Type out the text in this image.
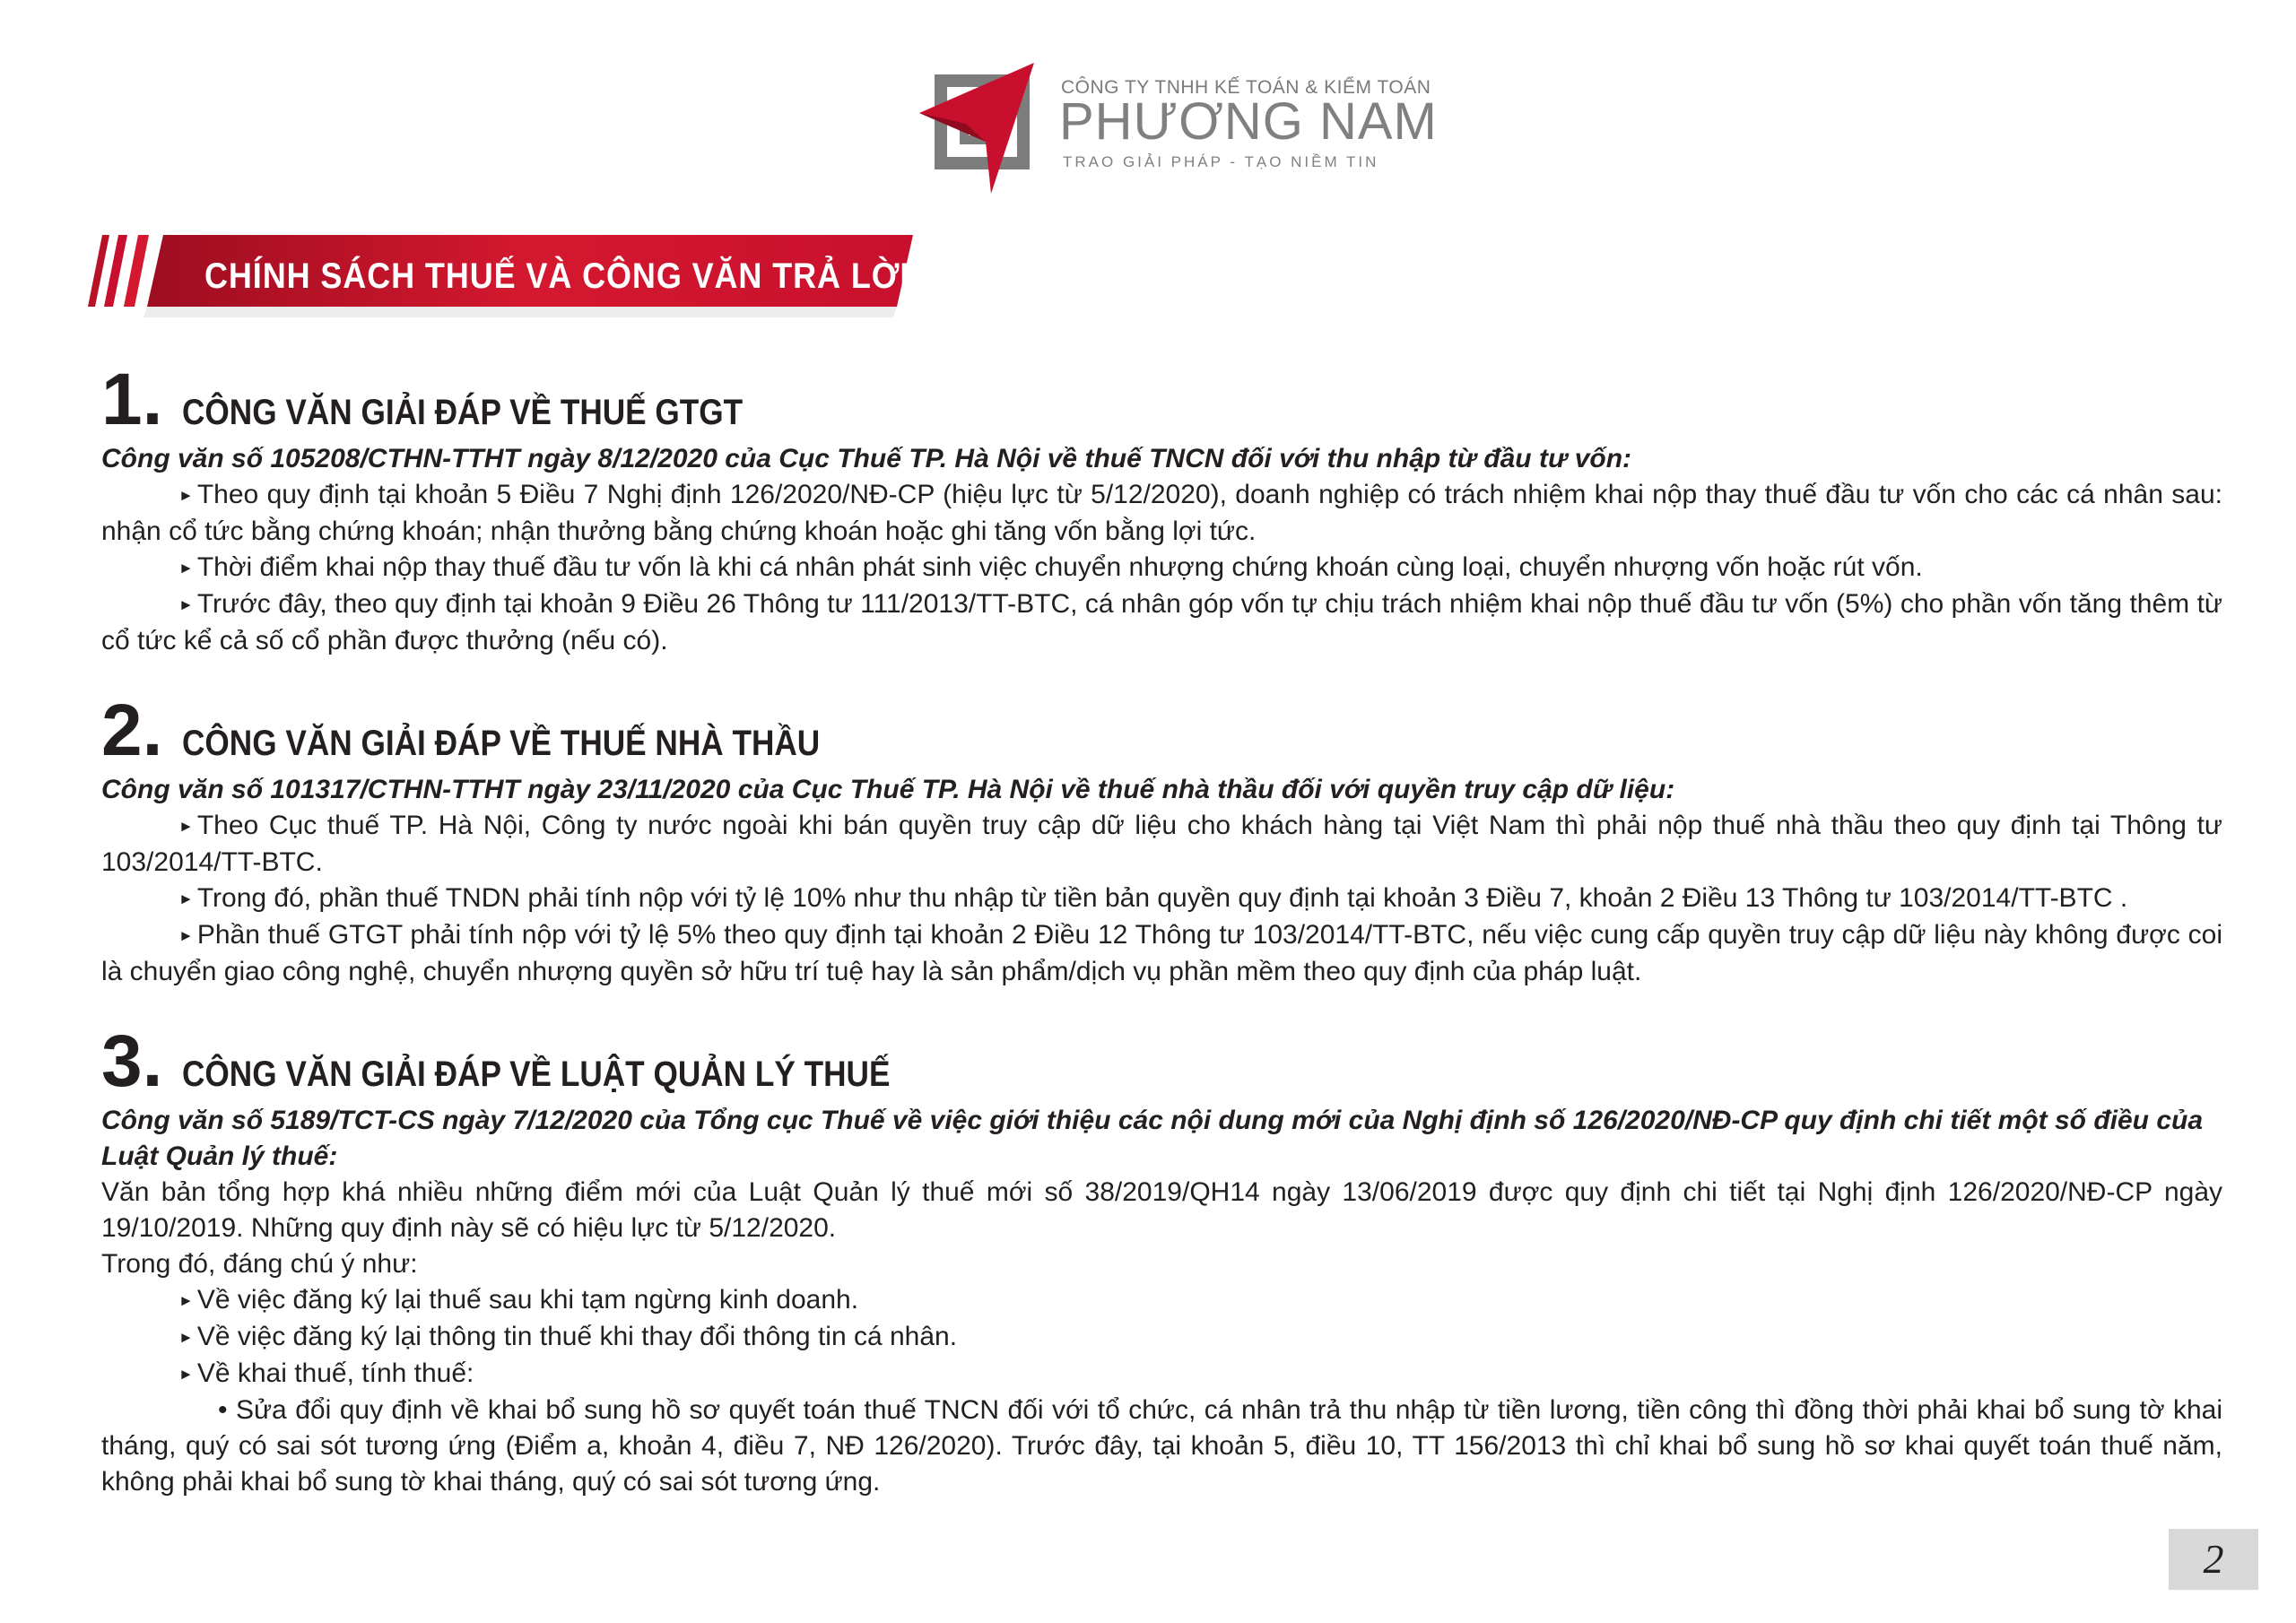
CÔNG TY TNHH KẾ TOÁN & KIỂM TOÁN
PHƯƠNG NAM
TRAO GIẢI PHÁP - TẠO NIỀM TIN
CHÍNH SÁCH THUẾ VÀ CÔNG VĂN TRẢ LỜI
1. CÔNG VĂN GIẢI ĐÁP VỀ THUẾ GTGT

Công văn số 105208/CTHN-TTHT ngày 8/12/2020 của Cục Thuế TP. Hà Nội về thuế TNCN đối với thu nhập từ đầu tư vốn:

► Theo quy định tại khoản 5 Điều 7 Nghị định 126/2020/NĐ-CP (hiệu lực từ 5/12/2020), doanh nghiệp có trách nhiệm khai nộp thay thuế đầu tư vốn cho các cá nhân sau: nhận cổ tức bằng chứng khoán; nhận thưởng bằng chứng khoán hoặc ghi tăng vốn bằng lợi tức.

► Thời điểm khai nộp thay thuế đầu tư vốn là khi cá nhân phát sinh việc chuyển nhượng chứng khoán cùng loại, chuyển nhượng vốn hoặc rút vốn.

► Trước đây, theo quy định tại khoản 9 Điều 26 Thông tư 111/2013/TT-BTC, cá nhân góp vốn tự chịu trách nhiệm khai nộp thuế đầu tư vốn (5%) cho phần vốn tăng thêm từ cổ tức kể cả số cổ phần được thưởng (nếu có).

2. CÔNG VĂN GIẢI ĐÁP VỀ THUẾ NHÀ THẦU

Công văn số 101317/CTHN-TTHT ngày 23/11/2020 của Cục Thuế TP. Hà Nội về thuế nhà thầu đối với quyền truy cập dữ liệu:

► Theo Cục thuế TP. Hà Nội, Công ty nước ngoài khi bán quyền truy cập dữ liệu cho khách hàng tại Việt Nam thì phải nộp thuế nhà thầu theo quy định tại Thông tư 103/2014/TT-BTC.

► Trong đó, phần thuế TNDN phải tính nộp với tỷ lệ 10% như thu nhập từ tiền bản quyền quy định tại khoản 3 Điều 7, khoản 2 Điều 13 Thông tư 103/2014/TT-BTC .

► Phần thuế GTGT phải tính nộp với tỷ lệ 5% theo quy định tại khoản 2 Điều 12 Thông tư 103/2014/TT-BTC, nếu việc cung cấp quyền truy cập dữ liệu này không được coi là chuyển giao công nghệ, chuyển nhượng quyền sở hữu trí tuệ hay là sản phẩm/dịch vụ phần mềm theo quy định của pháp luật.

3. CÔNG VĂN GIẢI ĐÁP VỀ LUẬT QUẢN LÝ THUẾ

Công văn số 5189/TCT-CS ngày 7/12/2020 của Tổng cục Thuế về việc giới thiệu các nội dung mới của Nghị định số 126/2020/NĐ-CP quy định chi tiết một số điều của Luật Quản lý thuế:

Văn bản tổng hợp khá nhiều những điểm mới của Luật Quản lý thuế mới số 38/2019/QH14 ngày 13/06/2019 được quy định chi tiết tại Nghị định 126/2020/NĐ-CP ngày 19/10/2019. Những quy định này sẽ có hiệu lực từ 5/12/2020.

Trong đó, đáng chú ý như:

► Về việc đăng ký lại thuế sau khi tạm ngừng kinh doanh.

► Về việc đăng ký lại thông tin thuế khi thay đổi thông tin cá nhân.

► Về khai thuế, tính thuế:

• Sửa đổi quy định về khai bổ sung hồ sơ quyết toán thuế TNCN đối với tổ chức, cá nhân trả thu nhập từ tiền lương, tiền công thì đồng thời phải khai bổ sung tờ khai tháng, quý có sai sót tương ứng (Điểm a, khoản 4, điều 7, NĐ 126/2020). Trước đây, tại khoản 5, điều 10, TT 156/2013 thì chỉ khai bổ sung hồ sơ khai quyết toán thuế năm, không phải khai bổ sung tờ khai tháng, quý có sai sót tương ứng.

2
